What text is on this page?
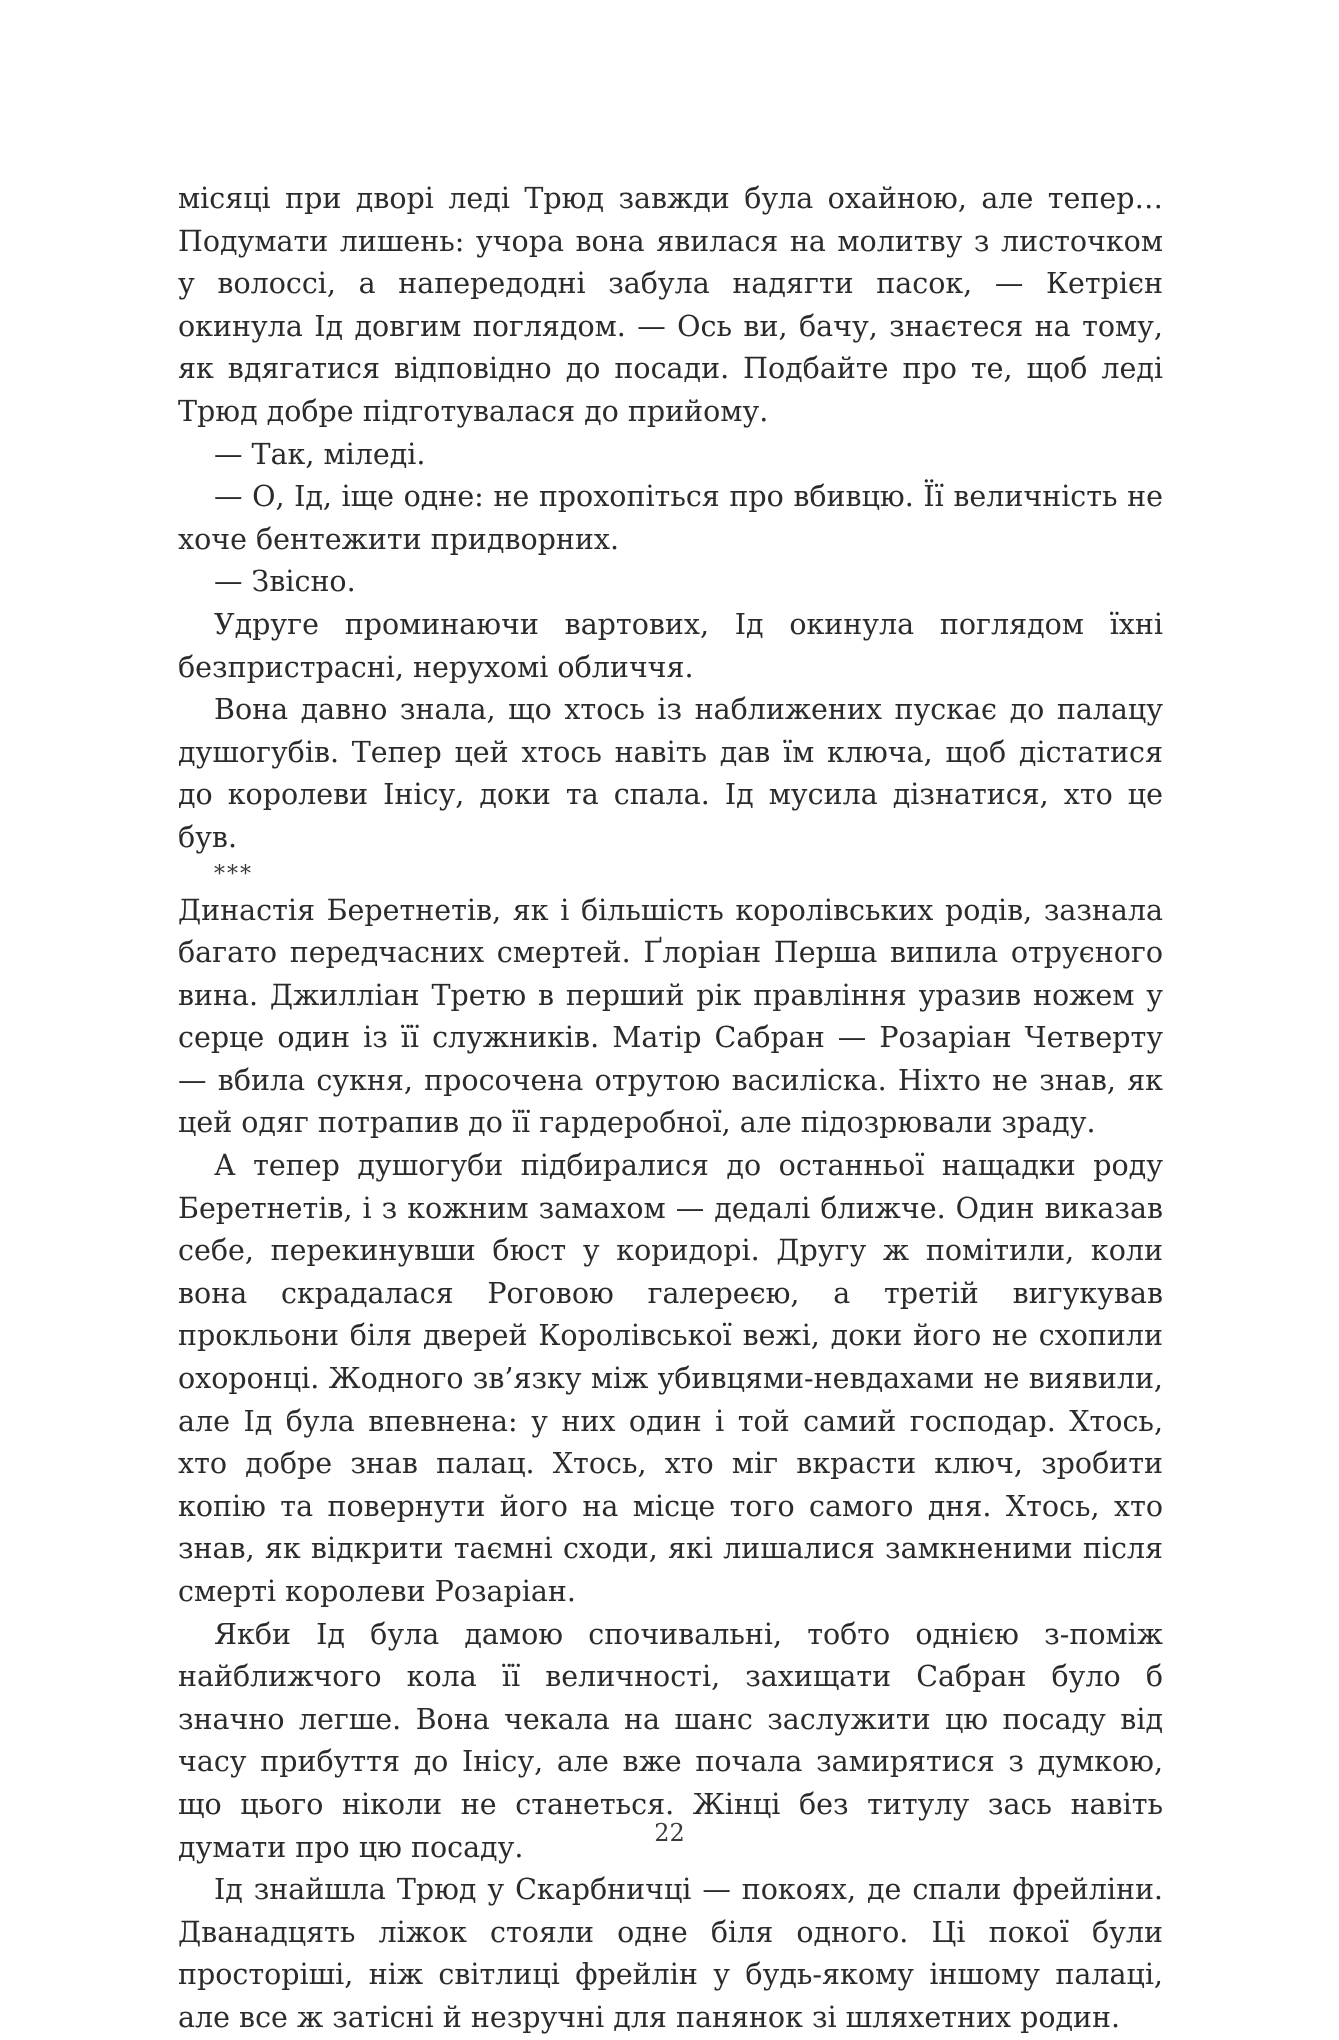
місяці при дворі леді Трюд завжди була охайною, але тепер… Подумати лишень: учора вона явилася на молитву з листочком у волоссі, а напередодні забула надягти пасок, — Кетрієн окинула Ід довгим поглядом. — Ось ви, бачу, знаєтеся на тому, як вдягатися відповідно до посади. Подбайте про те, щоб леді Трюд добре підготувалася до прийому.

— Так, міледі.

— О, Ід, іще одне: не прохопіться про вбивцю. Її величність не хоче бентежити придворних.

— Звісно.

Удруге проминаючи вартових, Ід окинула поглядом їхні безпристрасні, нерухомі обличчя.

Вона давно знала, що хтось із наближених пускає до палацу душогубів. Тепер цей хтось навіть дав їм ключа, щоб дістатися до королеви Інісу, доки та спала. Ід мусила дізнатися, хто це був.

***

Династія Беретнетів, як і більшість королівських родів, зазнала багато передчасних смертей. Ґлоріан Перша випила отруєного вина. Джилліан Третю в перший рік правління уразив ножем у серце один із її служників. Матір Сабран — Розаріан Четверту — вбила сукня, просочена отрутою василіска. Ніхто не знав, як цей одяг потрапив до її гардеробної, але підозрювали зраду.

А тепер душогуби підбиралися до останньої нащадки роду Беретнетів, і з кожним замахом — дедалі ближче. Один виказав себе, перекинувши бюст у коридорі. Другу ж помітили, коли вона скрадалася Роговою галереєю, а третій вигукував прокльони біля дверей Королівської вежі, доки його не схопили охоронці. Жодного зв’язку між убивцями-невдахами не виявили, але Ід була впевнена: у них один і той самий господар. Хтось, хто добре знав палац. Хтось, хто міг вкрасти ключ, зробити копію та повернути його на місце того самого дня. Хтось, хто знав, як відкрити таємні сходи, які лишалися замкненими після смерті королеви Розаріан.

Якби Ід була дамою спочивальні, тобто однією з-поміж найближчого кола її величності, захищати Сабран було б значно легше. Вона чекала на шанс заслужити цю посаду від часу прибуття до Інісу, але вже почала замирятися з думкою, що цього ніколи не станеться. Жінці без титулу зась навіть думати про цю посаду.

Ід знайшла Трюд у Скарбничці — покоях, де спали фрейліни. Дванадцять ліжок стояли одне біля одного. Ці покої були просторіші, ніж світлиці фрейлін у будь-якому іншому палаці, але все ж затісні й незручні для панянок зі шляхетних родин.

22
